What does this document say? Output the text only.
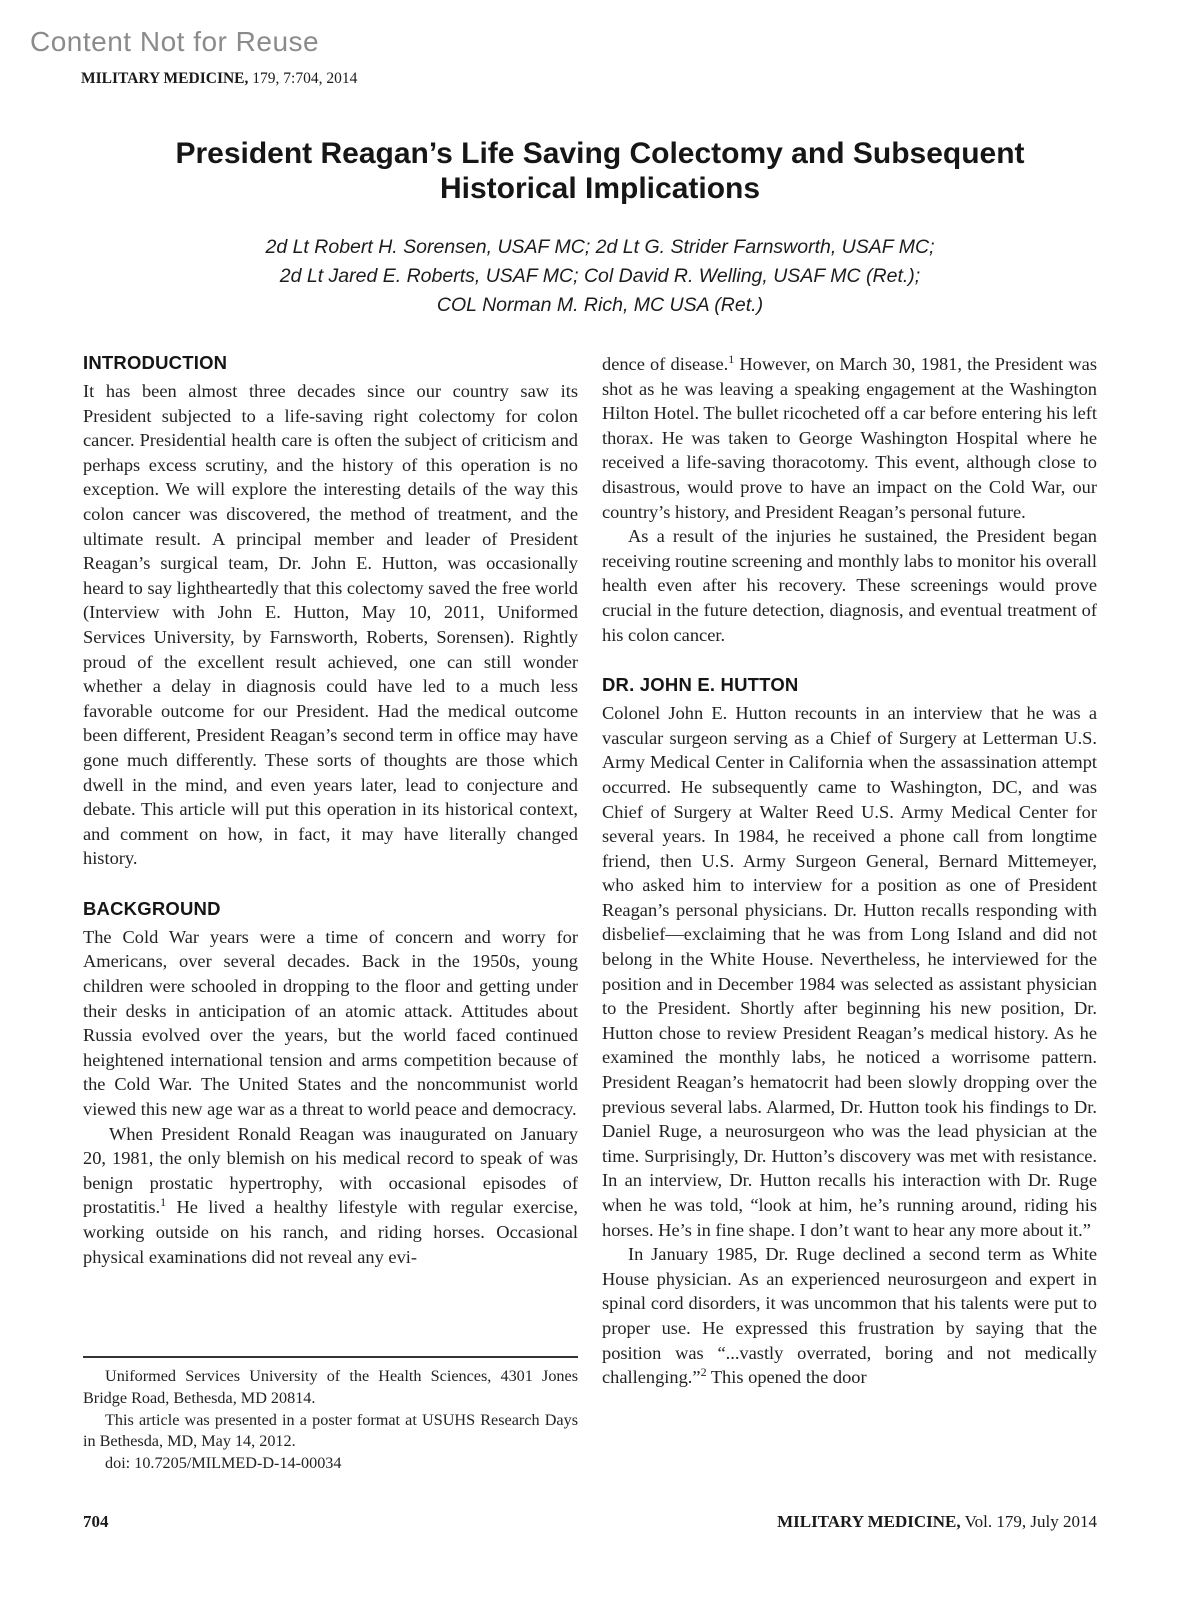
Content Not for Reuse
MILITARY MEDICINE, 179, 7:704, 2014
President Reagan’s Life Saving Colectomy and Subsequent
Historical Implications
2d Lt Robert H. Sorensen, USAF MC; 2d Lt G. Strider Farnsworth, USAF MC;
2d Lt Jared E. Roberts, USAF MC; Col David R. Welling, USAF MC (Ret.);
COL Norman M. Rich, MC USA (Ret.)
INTRODUCTION

It has been almost three decades since our country saw its President subjected to a life-saving right colectomy for colon cancer. Presidential health care is often the subject of criticism and perhaps excess scrutiny, and the history of this operation is no exception. We will explore the interesting details of the way this colon cancer was discovered, the method of treatment, and the ultimate result. A principal member and leader of President Reagan’s surgical team, Dr. John E. Hutton, was occasionally heard to say lightheartedly that this colectomy saved the free world (Interview with John E. Hutton, May 10, 2011, Uniformed Services University, by Farnsworth, Roberts, Sorensen). Rightly proud of the excellent result achieved, one can still wonder whether a delay in diagnosis could have led to a much less favorable outcome for our President. Had the medical outcome been different, President Reagan’s second term in office may have gone much differently. These sorts of thoughts are those which dwell in the mind, and even years later, lead to conjecture and debate. This article will put this operation in its historical context, and comment on how, in fact, it may have literally changed history.

BACKGROUND

The Cold War years were a time of concern and worry for Americans, over several decades. Back in the 1950s, young children were schooled in dropping to the floor and getting under their desks in anticipation of an atomic attack. Attitudes about Russia evolved over the years, but the world faced continued heightened international tension and arms competition because of the Cold War. The United States and the noncommunist world viewed this new age war as a threat to world peace and democracy.

When President Ronald Reagan was inaugurated on January 20, 1981, the only blemish on his medical record to speak of was benign prostatic hypertrophy, with occasional episodes of prostatitis.$^1$ He lived a healthy lifestyle with regular exercise, working outside on his ranch, and riding horses. Occasional physical examinations did not reveal any evi-

Uniformed Services University of the Health Sciences, 4301 Jones Bridge Road, Bethesda, MD 20814.

This article was presented in a poster format at USUHS Research Days in Bethesda, MD, May 14, 2012.

doi: 10.7205/MILMED-D-14-00034

dence of disease.$^1$ However, on March 30, 1981, the President was shot as he was leaving a speaking engagement at the Washington Hilton Hotel. The bullet ricocheted off a car before entering his left thorax. He was taken to George Washington Hospital where he received a life-saving thoracotomy. This event, although close to disastrous, would prove to have an impact on the Cold War, our country’s history, and President Reagan’s personal future.

As a result of the injuries he sustained, the President began receiving routine screening and monthly labs to monitor his overall health even after his recovery. These screenings would prove crucial in the future detection, diagnosis, and eventual treatment of his colon cancer.

DR. JOHN E. HUTTON

Colonel John E. Hutton recounts in an interview that he was a vascular surgeon serving as a Chief of Surgery at Letterman U.S. Army Medical Center in California when the assassination attempt occurred. He subsequently came to Washington, DC, and was Chief of Surgery at Walter Reed U.S. Army Medical Center for several years. In 1984, he received a phone call from longtime friend, then U.S. Army Surgeon General, Bernard Mittemeyer, who asked him to interview for a position as one of President Reagan’s personal physicians. Dr. Hutton recalls responding with disbelief—exclaiming that he was from Long Island and did not belong in the White House. Nevertheless, he interviewed for the position and in December 1984 was selected as assistant physician to the President. Shortly after beginning his new position, Dr. Hutton chose to review President Reagan’s medical history. As he examined the monthly labs, he noticed a worrisome pattern. President Reagan’s hematocrit had been slowly dropping over the previous several labs. Alarmed, Dr. Hutton took his findings to Dr. Daniel Ruge, a neurosurgeon who was the lead physician at the time. Surprisingly, Dr. Hutton’s discovery was met with resistance. In an interview, Dr. Hutton recalls his interaction with Dr. Ruge when he was told, “look at him, he’s running around, riding his horses. He’s in fine shape. I don’t want to hear any more about it.”

In January 1985, Dr. Ruge declined a second term as White House physician. As an experienced neurosurgeon and expert in spinal cord disorders, it was uncommon that his talents were put to proper use. He expressed this frustration by saying that the position was “...vastly overrated, boring and not medically challenging.”$^2$ This opened the door

704	MILITARY MEDICINE, Vol. 179, July 2014
